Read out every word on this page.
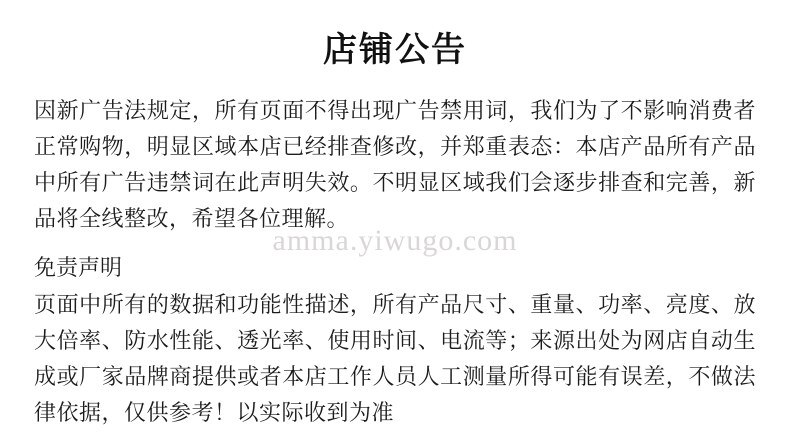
店铺公告

因新广告法规定，所有页面不得出现广告禁用词，我们为了不影响消费者正常购物，明显区域本店已经排查修改，并郑重表态：本店产品所有产品中所有广告违禁词在此声明失效。不明显区域我们会逐步排查和完善，新品将全线整改，希望各位理解。

免责声明

页面中所有的数据和功能性描述，所有产品尺寸、重量、功率、亮度、放大倍率、防水性能、透光率、使用时间、电流等；来源出处为网店自动生成或厂家品牌商提供或者本店工作人员人工测量所得可能有误差，不做法律依据，仅供参考！以实际收到为准

amma.yiwugo.com
